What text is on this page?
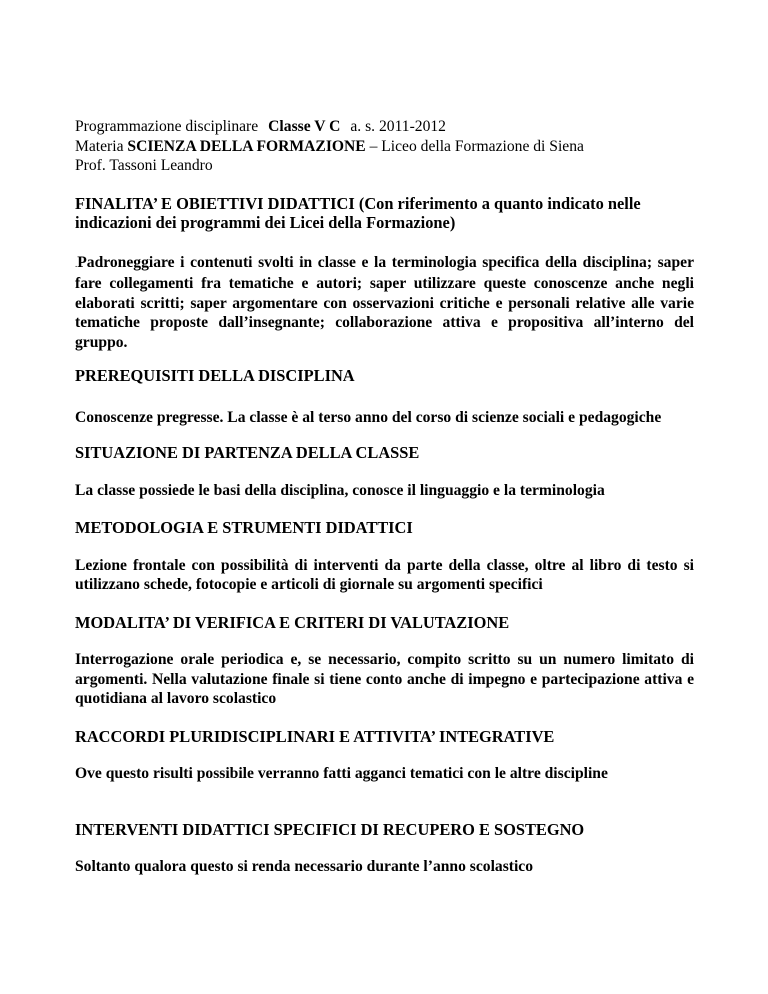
Programmazione disciplinare Classe V C a. s. 2011-2012

Materia SCIENZA DELLA FORMAZIONE – Liceo della Formazione di Siena

Prof. Tassoni Leandro

FINALITA’ E OBIETTIVI DIDATTICI (Con riferimento a quanto indicato nelle indicazioni dei programmi dei Licei della Formazione)

.Padroneggiare i contenuti svolti in classe e la terminologia specifica della disciplina; saper fare collegamenti fra tematiche e autori; saper utilizzare queste conoscenze anche negli elaborati scritti; saper argomentare con osservazioni critiche e personali relative alle varie tematiche proposte dall’insegnante; collaborazione attiva e propositiva all’interno del gruppo.

PREREQUISITI DELLA DISCIPLINA

Conoscenze pregresse. La classe è al terso anno del corso di scienze sociali e pedagogiche

SITUAZIONE DI PARTENZA DELLA CLASSE

La classe possiede le basi della disciplina, conosce il linguaggio e la terminologia

METODOLOGIA E STRUMENTI DIDATTICI

Lezione frontale con possibilità di interventi da parte della classe, oltre al libro di testo si utilizzano schede, fotocopie e articoli di giornale su argomenti specifici

MODALITA’ DI VERIFICA E CRITERI DI VALUTAZIONE

Interrogazione orale periodica e, se necessario, compito scritto su un numero limitato di argomenti. Nella valutazione finale si tiene conto anche di impegno e partecipazione attiva e quotidiana al lavoro scolastico

RACCORDI PLURIDISCIPLINARI E ATTIVITA’ INTEGRATIVE

Ove questo risulti possibile verranno fatti agganci tematici con le altre discipline

INTERVENTI DIDATTICI SPECIFICI DI RECUPERO E SOSTEGNO

Soltanto qualora questo si renda necessario durante l’anno scolastico
